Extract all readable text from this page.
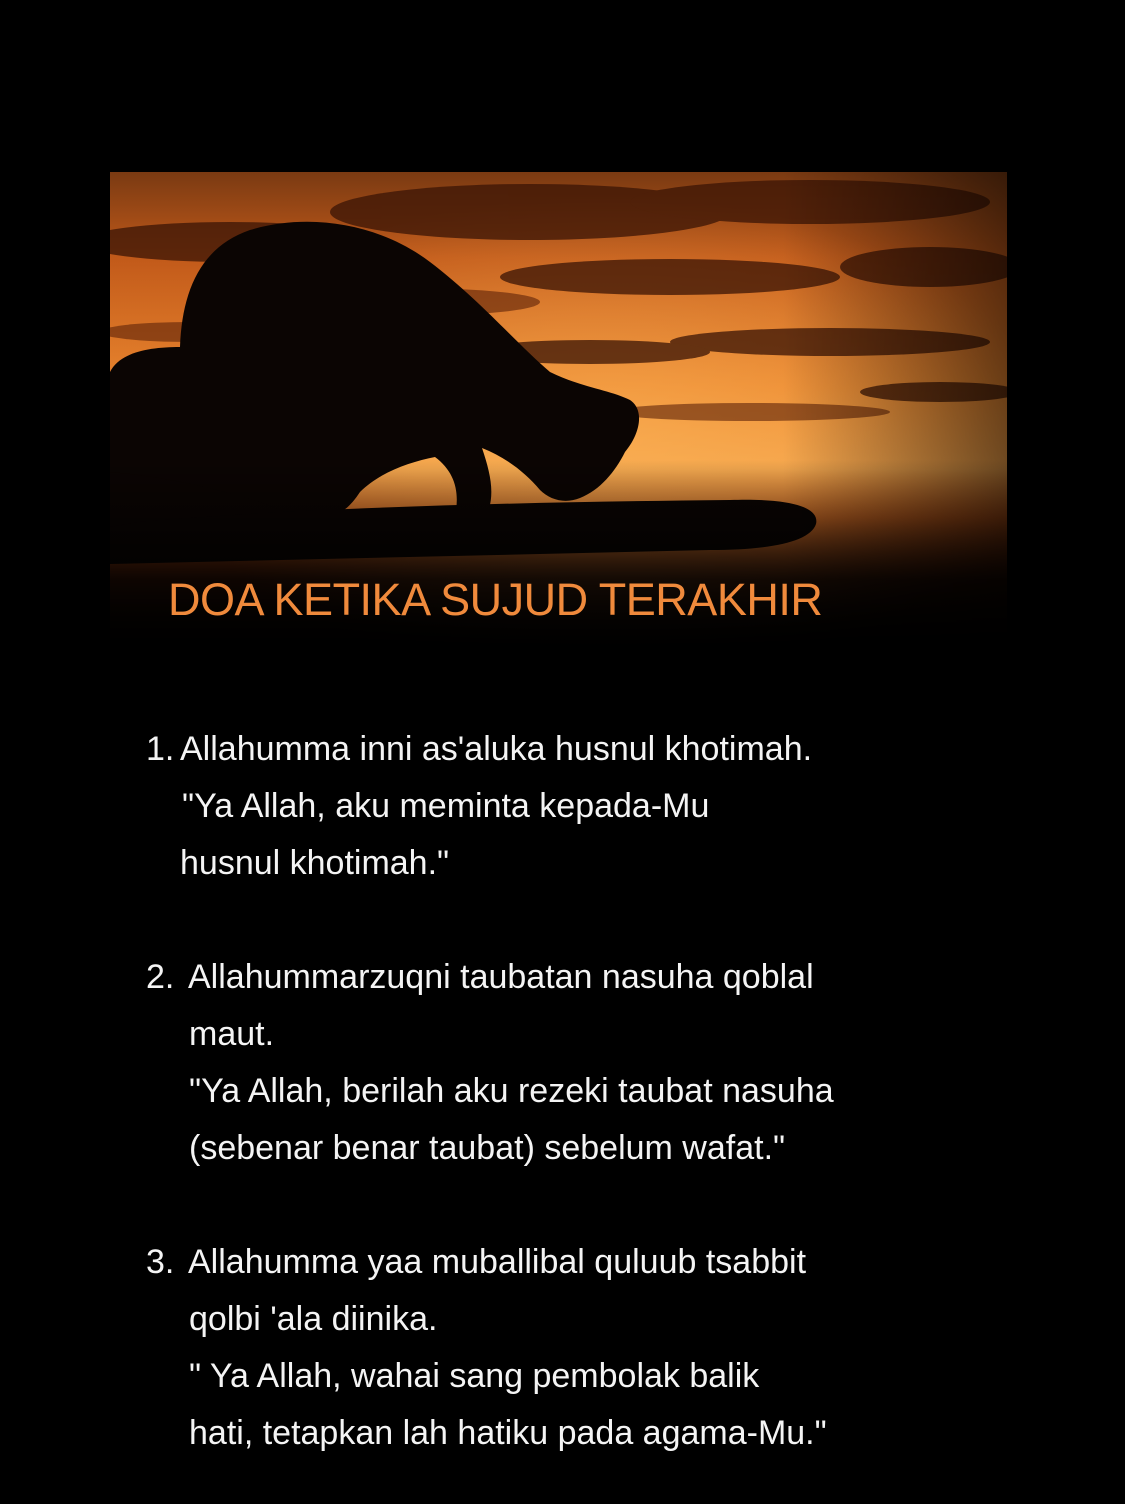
DOA KETIKA SUJUD TERAKHIR
1. Allahumma inni as'aluka husnul khotimah.
"Ya Allah, aku meminta kepada-Mu
husnul khotimah."
2. Allahummarzuqni taubatan nasuha qoblal
maut.
"Ya Allah, berilah aku rezeki taubat nasuha
(sebenar benar taubat) sebelum wafat."
3. Allahumma yaa muballibal quluub tsabbit
qolbi 'ala diinika.
" Ya Allah, wahai sang pembolak balik
hati, tetapkan lah hatiku pada agama-Mu."
